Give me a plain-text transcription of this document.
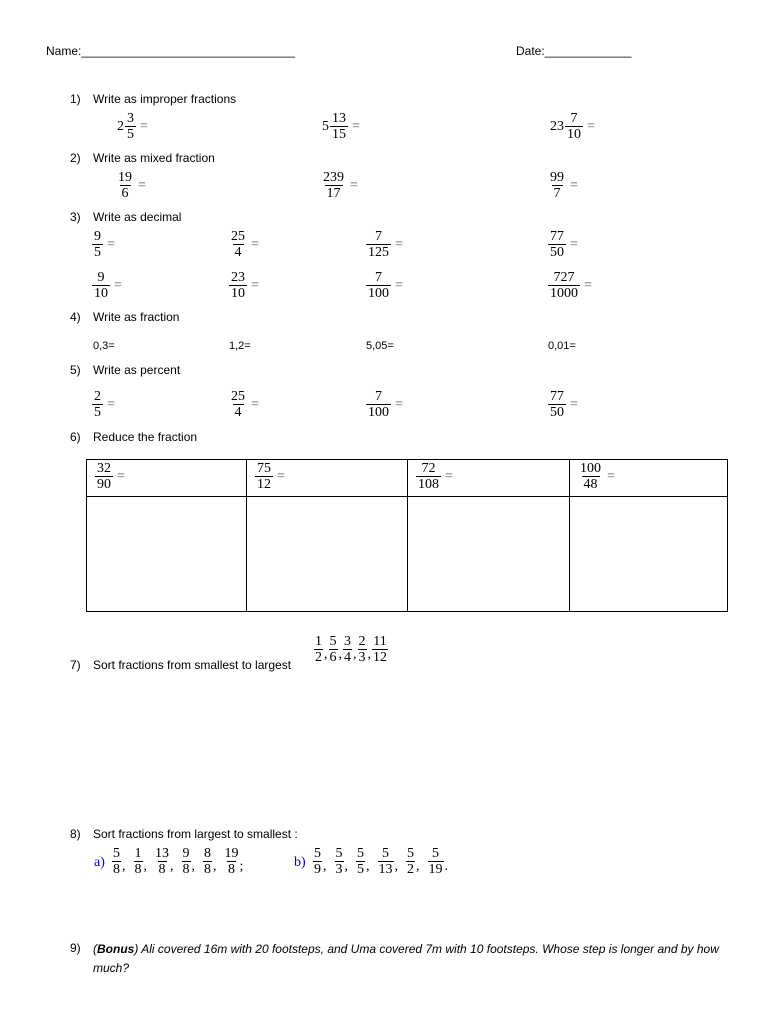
Name:________________________________	Date:_____________
1) Write as improper fractions
$2 \frac{3}{5}$ =	$5 \frac{13}{15}$ =	$23 \frac{7}{10}$ =
2) Write as mixed fraction
$\frac{19}{6}$ =	$\frac{239}{17}$ =	$\frac{99}{7}$ =
3) Write as decimal
$\frac{9}{5}$ =	$\frac{25}{4}$ =	$\frac{7}{125}$ =	$\frac{77}{50}$ =
$\frac{9}{10}$ =	$\frac{23}{10}$ =	$\frac{7}{100}$ =	$\frac{727}{1000}$ =
4) Write as fraction
0,3=	1,2=	5,05=	0,01=
5) Write as percent
$\frac{2}{5}$ =	$\frac{25}{4}$ =	$\frac{7}{100}$ =	$\frac{77}{50}$ =
6) Reduce the fraction
$\frac{32}{90}$ =	$\frac{75}{12}$ =	$\frac{72}{108}$ =	$\frac{100}{48}$ =

7) Sort fractions from smallest to largest $\frac{1}{2}$ , $\frac{5}{6}$ , $\frac{3}{4}$ , $\frac{2}{3}$ , $\frac{11}{12}$
8) Sort fractions from largest to smallest :
$a) \frac{5}{8}$ ,
$\frac{1}{8}$ ,
$\frac{13}{8}$ ,
$\frac{9}{8}$ ,
$\frac{8}{8}$ ,
$\frac{19}{8}$ ;	$b) \frac{5}{9}$ ,
$\frac{5}{3}$ ,
$\frac{5}{5}$ ,
$\frac{5}{13}$ ,
$\frac{5}{2}$ ,
$\frac{5}{19}$ .
9) (Bonus) Ali covered 16m with 20 footsteps, and Uma covered 7m with 10 footsteps. Whose step is longer and by how much?
